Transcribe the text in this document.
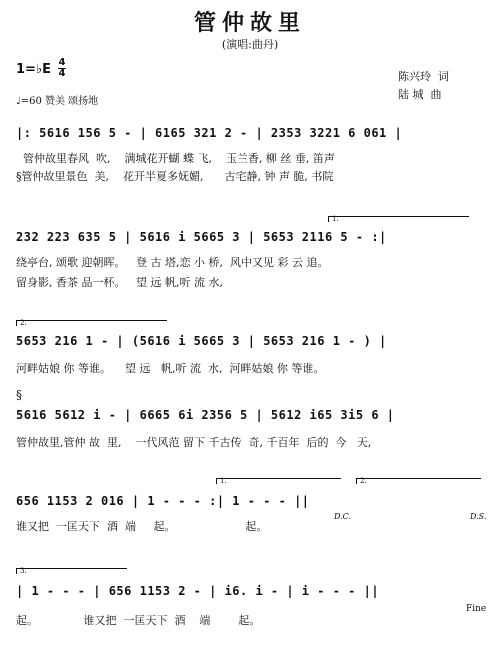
管仲故里
(演唱:曲丹)
1=♭E 4
4
♩=60 赞美 颂扬地
陈兴玲  词
陆 城  曲
|: 5616 156 5 - | 6165 321 2 - | 2353 3221 6 061 |
管仲故里春风  吹,    满城花开蝴 蝶 飞,    玉兰香, 柳 丝 垂, 笛声
§管仲故里景色  美,    花开半夏多妩媚,      古宅静, 钟 声 脆, 书院
1.
232 223 635 5 | 5616 i 5665 3 | 5653 2116 5 - :|
绕亭台, 颂歌 迎朝晖。   登 古 塔,恋 小 桥,  风中又见 彩 云 追。
留身影, 香茶 品一杯。   望 远 帆,听 流 水,
2.
5653 216 1 - | (5616 i 5665 3 | 5653 216 1 - ) |
河畔姑娘 你 等谁。    望 远   帆,听 流  水,  河畔姑娘 你 等谁。
§
5616 5612 i - | 6665 6i 2356 5 | 5612 i65 3i5 6 |
管仲故里,管仲 故  里,    一代风范 留下 千古传  奇, 千百年  后的  今   天,
1.	2.
656 1153 2 016 | 1 - - - :| 1 - - - ||
谁又把  一匡天下  酒  端     起。                    起。
D.C.	D.S.
3.
| 1 - - - | 656 1153 2 - | i6. i - | i - - - ||
起。             谁又把  一匡天下  酒    端        起。
Fine
